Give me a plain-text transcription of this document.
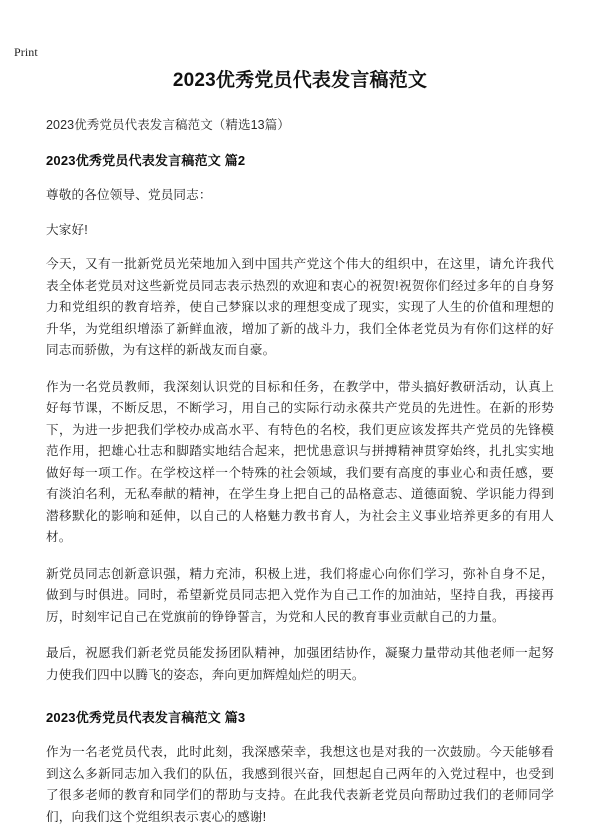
Print
2023优秀党员代表发言稿范文

2023优秀党员代表发言稿范文（精选13篇）

2023优秀党员代表发言稿范文 篇2

尊敬的各位领导、党员同志：

大家好!

今天，又有一批新党员光荣地加入到中国共产党这个伟大的组织中，在这里，请允许我代表全体老党员对这些新党员同志表示热烈的欢迎和衷心的祝贺!祝贺你们经过多年的自身努力和党组织的教育培养，使自己梦寐以求的理想变成了现实，实现了人生的价值和理想的升华，为党组织增添了新鲜血液，增加了新的战斗力，我们全体老党员为有你们这样的好同志而骄傲，为有这样的新战友而自豪。

作为一名党员教师，我深刻认识党的目标和任务，在教学中，带头搞好教研活动，认真上好每节课，不断反思，不断学习，用自己的实际行动永葆共产党员的先进性。在新的形势下，为进一步把我们学校办成高水平、有特色的名校，我们更应该发挥共产党员的先锋模范作用，把雄心壮志和脚踏实地结合起来，把忧患意识与拼搏精神贯穿始终，扎扎实实地做好每一项工作。在学校这样一个特殊的社会领域，我们要有高度的事业心和责任感，要有淡泊名利，无私奉献的精神，在学生身上把自己的品格意志、道德面貌、学识能力得到潜移默化的影响和延伸，以自己的人格魅力教书育人，为社会主义事业培养更多的有用人材。

新党员同志创新意识强，精力充沛，积极上进，我们将虚心向你们学习，弥补自身不足，做到与时俱进。同时，希望新党员同志把入党作为自己工作的加油站，坚持自我，再接再厉，时刻牢记自己在党旗前的铮铮誓言，为党和人民的教育事业贡献自己的力量。

最后，祝愿我们新老党员能发扬团队精神，加强团结协作，凝聚力量带动其他老师一起努力使我们四中以腾飞的姿态，奔向更加辉煌灿烂的明天。

2023优秀党员代表发言稿范文 篇3

作为一名老党员代表，此时此刻，我深感荣幸，我想这也是对我的一次鼓励。今天能够看到这么多新同志加入我们的队伍，我感到很兴奋，回想起自己两年的入党过程中，也受到了很多老师的教育和同学们的帮助与支持。在此我代表新老党员向帮助过我们的老师同学们，向我们这个党组织表示衷心的感谢!
